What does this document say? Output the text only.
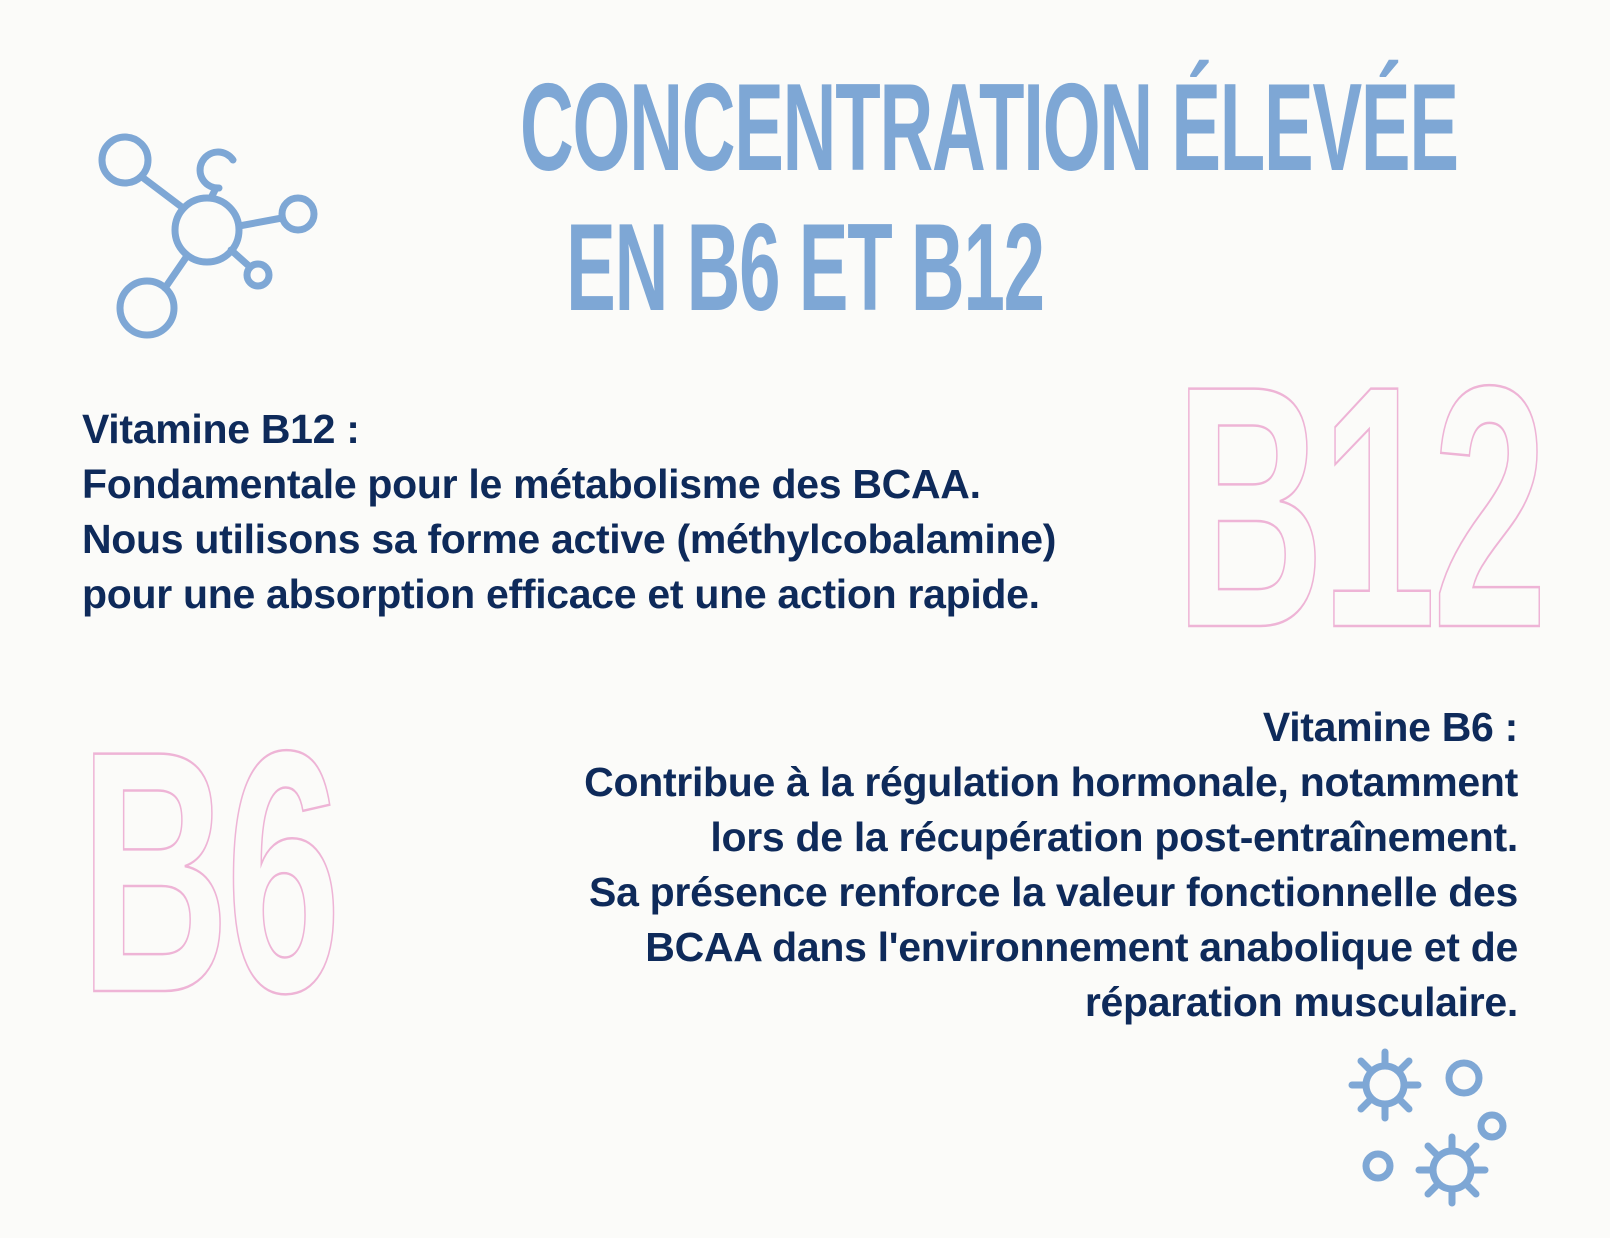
CONCENTRATION ÉLEVÉE
EN B6 ET B12
B12
B6
Vitamine B12 :
Fondamentale pour le métabolisme des BCAA.
Nous utilisons sa forme active (méthylcobalamine)
pour une absorption efficace et une action rapide.
Vitamine B6 :
Contribue à la régulation hormonale, notamment
lors de la récupération post-entraînement.
Sa présence renforce la valeur fonctionnelle des
BCAA dans l'environnement anabolique et de
réparation musculaire.
